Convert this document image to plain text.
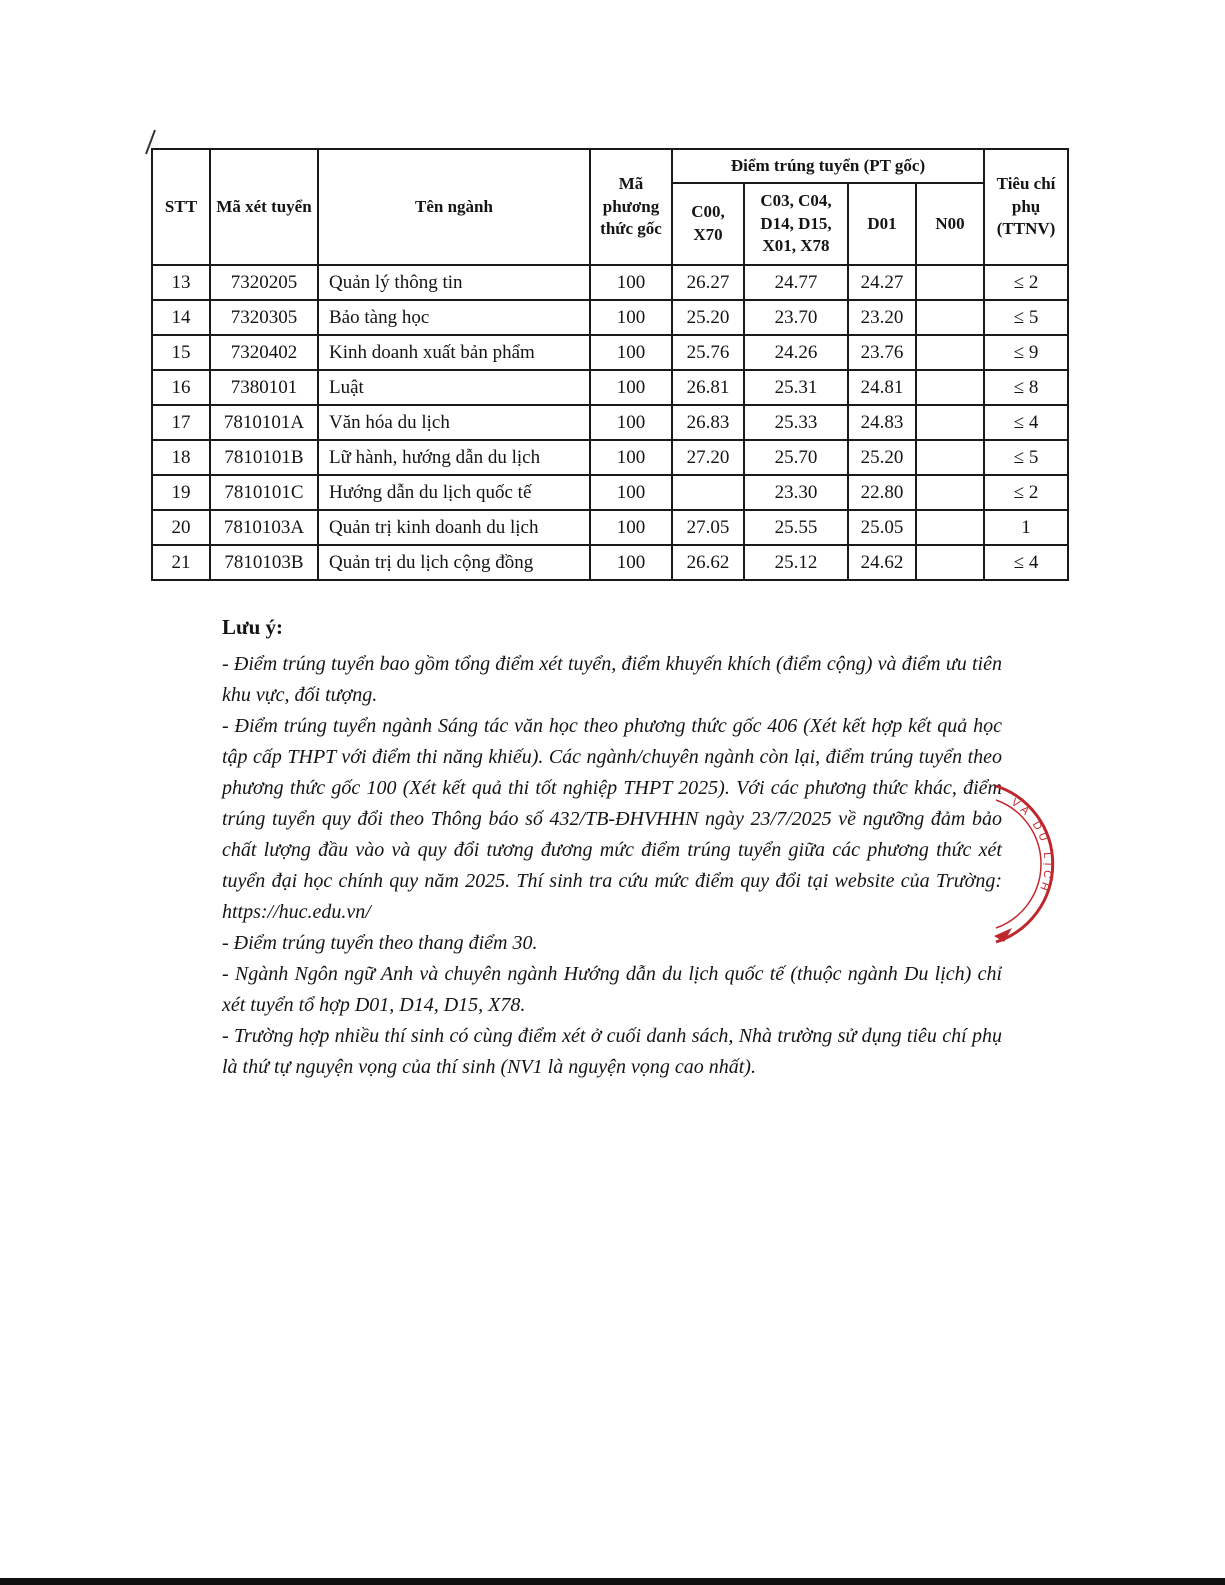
STT	Mã xét tuyển	Tên ngành	Mã phương thức gốc	Điểm trúng tuyển (PT gốc)				Tiêu chí phụ (TTNV)
				C00, X70	C03, C04, D14, D15, X01, X78	D01	N00	
13	7320205	Quản lý thông tin	100	26.27	24.77	24.27		≤ 2
14	7320305	Bảo tàng học	100	25.20	23.70	23.20		≤ 5
15	7320402	Kinh doanh xuất bản phẩm	100	25.76	24.26	23.76		≤ 9
16	7380101	Luật	100	26.81	25.31	24.81		≤ 8
17	7810101A	Văn hóa du lịch	100	26.83	25.33	24.83		≤ 4
18	7810101B	Lữ hành, hướng dẫn du lịch	100	27.20	25.70	25.20		≤ 5
19	7810101C	Hướng dẫn du lịch quốc tế	100		23.30	22.80		≤ 2
20	7810103A	Quản trị kinh doanh du lịch	100	27.05	25.55	25.05		1
21	7810103B	Quản trị du lịch cộng đồng	100	26.62	25.12	24.62		≤ 4
Lưu ý:

- Điểm trúng tuyển bao gồm tổng điểm xét tuyển, điểm khuyến khích (điểm cộng) và điểm ưu tiên khu vực, đối tượng.

- Điểm trúng tuyển ngành Sáng tác văn học theo phương thức gốc 406 (Xét kết hợp kết quả học tập cấp THPT với điểm thi năng khiếu). Các ngành/chuyên ngành còn lại, điểm trúng tuyển theo phương thức gốc 100 (Xét kết quả thi tốt nghiệp THPT 2025). Với các phương thức khác, điểm trúng tuyển quy đổi theo Thông báo số 432/TB-ĐHVHHN ngày 23/7/2025 về ngưỡng đảm bảo chất lượng đầu vào và quy đổi tương đương mức điểm trúng tuyển giữa các phương thức xét tuyển đại học chính quy năm 2025. Thí sinh tra cứu mức điểm quy đổi tại website của Trường: https://huc.edu.vn/

- Điểm trúng tuyển theo thang điểm 30.

- Ngành Ngôn ngữ Anh và chuyên ngành Hướng dẫn du lịch quốc tế (thuộc ngành Du lịch) chỉ xét tuyển tổ hợp D01, D14, D15, X78.

- Trường hợp nhiều thí sinh có cùng điểm xét ở cuối danh sách, Nhà trường sử dụng tiêu chí phụ là thứ tự nguyện vọng của thí sinh (NV1 là nguyện vọng cao nhất).

VĂ DU LỊCH
